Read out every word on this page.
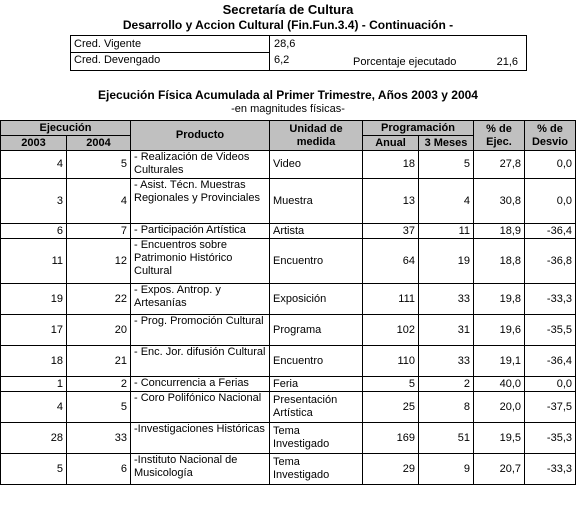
Secretaría de Cultura
Desarrollo y Accion Cultural (Fin.Fun.3.4) - Continuación -
Cred. Vigente	28,6
Cred. Devengado	6,2	Porcentaje ejecutado	21,6
Ejecución Física Acumulada al Primer Trimestre, Años 2003 y 2004
-en magnitudes físicas-
Ejecución		Producto	Unidad de medida	Programación		% de Ejec.	% de Desvio
2003	2004			Anual	3 Meses		
4	5	- Realización de Videos Culturales	Video	18	5	27,8	0,0
3	4	- Asist. Técn. Muestras Regionales y Provinciales	Muestra	13	4	30,8	0,0
6	7	- Participación Artística	Artista	37	11	18,9	-36,4
11	12	- Encuentros sobre Patrimonio Histórico Cultural	Encuentro	64	19	18,8	-36,8
19	22	- Expos. Antrop. y Artesanías	Exposición	111	33	19,8	-33,3
17	20	- Prog. Promoción Cultural	Programa	102	31	19,6	-35,5
18	21	- Enc. Jor. difusión Cultural	Encuentro	110	33	19,1	-36,4
1	2	- Concurrencia a Ferias	Feria	5	2	40,0	0,0
4	5	- Coro Polifónico Nacional	Presentación Artística	25	8	20,0	-37,5
28	33	-Investigaciones Históricas	Tema Investigado	169	51	19,5	-35,3
5	6	-Instituto Nacional de Musicología	Tema Investigado	29	9	20,7	-33,3
